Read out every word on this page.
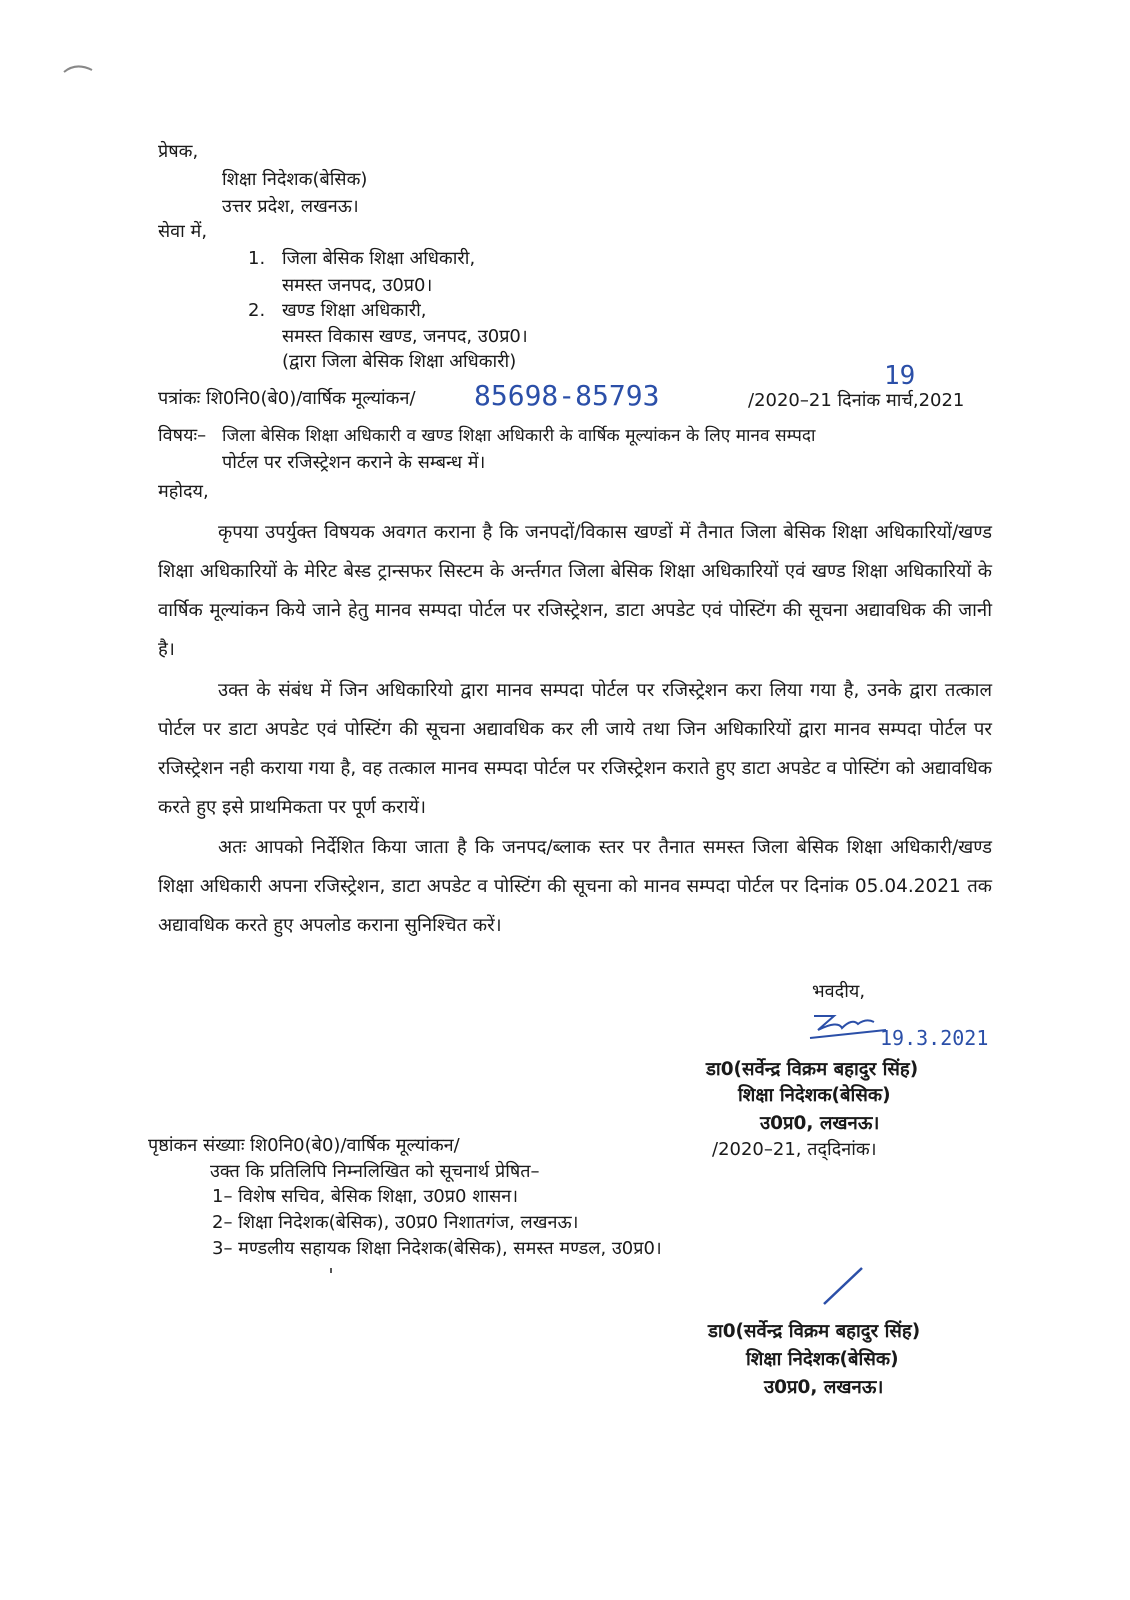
प्रेषक,
शिक्षा निदेशक(बेसिक)
उत्तर प्रदेश, लखनऊ।
सेवा में,
1. जिला बेसिक शिक्षा अधिकारी,
समस्त जनपद, उ0प्र0।
2. खण्ड शिक्षा अधिकारी,
समस्त विकास खण्ड, जनपद, उ0प्र0।
(द्वारा जिला बेसिक शिक्षा अधिकारी)
पत्रांकः शि0नि0(बे0)/वार्षिक मूल्यांकन/ 85698-85793	/2020–21 दिनांक
19
मार्च,2021
विषयः– जिला बेसिक शिक्षा अधिकारी व खण्ड शिक्षा अधिकारी के वार्षिक मूल्यांकन के लिए मानव सम्पदा
पोर्टल पर रजिस्ट्रेशन कराने के सम्बन्ध में।
महोदय,

कृपया उपर्युक्त विषयक अवगत कराना है कि जनपदों/विकास खण्डों में तैनात जिला बेसिक शिक्षा अधिकारियों/खण्ड शिक्षा अधिकारियों के मेरिट बेस्ड ट्रान्सफर सिस्टम के अर्न्तगत जिला बेसिक शिक्षा अधिकारियों एवं खण्ड शिक्षा अधिकारियों के वार्षिक मूल्यांकन किये जाने हेतु मानव सम्पदा पोर्टल पर रजिस्ट्रेशन, डाटा अपडेट एवं पोस्टिंग की सूचना अद्यावधिक की जानी है।

उक्त के संबंध में जिन अधिकारियो द्वारा मानव सम्पदा पोर्टल पर रजिस्ट्रेशन करा लिया गया है, उनके द्वारा तत्काल पोर्टल पर डाटा अपडेट एवं पोस्टिंग की सूचना अद्यावधिक कर ली जाये तथा जिन अधिकारियों द्वारा मानव सम्पदा पोर्टल पर रजिस्ट्रेशन नही कराया गया है, वह तत्काल मानव सम्पदा पोर्टल पर रजिस्ट्रेशन कराते हुए डाटा अपडेट व पोस्टिंग को अद्यावधिक करते हुए इसे प्राथमिकता पर पूर्ण करायें।

अतः आपको निर्देशित किया जाता है कि जनपद/ब्लाक स्तर पर तैनात समस्त जिला बेसिक शिक्षा अधिकारी/खण्ड शिक्षा अधिकारी अपना रजिस्ट्रेशन, डाटा अपडेट व पोस्टिंग की सूचना को मानव सम्पदा पोर्टल पर दिनांक 05.04.2021 तक अद्यावधिक करते हुए अपलोड कराना सुनिश्चित करें।

भवदीय,
19.3.2021
डा0(सर्वेन्द्र विक्रम बहादुर सिंह)
शिक्षा निदेशक(बेसिक)
उ0प्र0, लखनऊ।
पृष्ठांकन संख्याः शि0नि0(बे0)/वार्षिक मूल्यांकन/	/2020–21, तद्‌दिनांक।
उक्त कि प्रतिलिपि निम्नलिखित को सूचनार्थ प्रेषित–
1– विशेष सचिव, बेसिक शिक्षा, उ0प्र0 शासन।
2– शिक्षा निदेशक(बेसिक), उ0प्र0 निशातगंज, लखनऊ।
3– मण्डलीय सहायक शिक्षा निदेशक(बेसिक), समस्त मण्डल, उ0प्र0।
डा0(सर्वेन्द्र विक्रम बहादुर सिंह)
शिक्षा निदेशक(बेसिक)
उ0प्र0, लखनऊ।
